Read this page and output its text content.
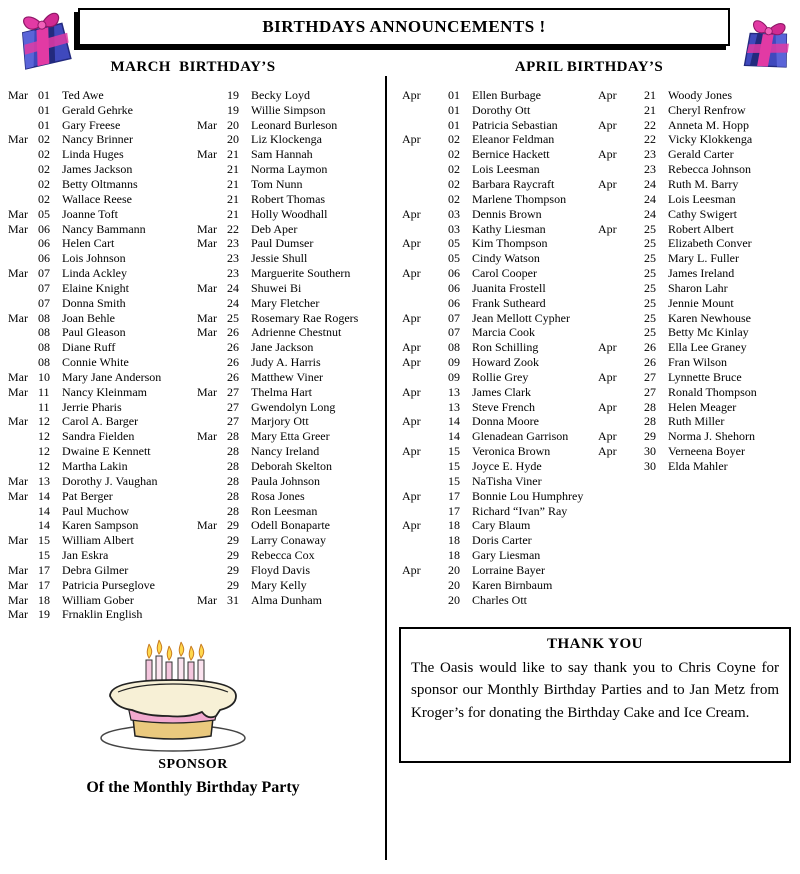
BIRTHDAYS ANNOUNCEMENTS !
MARCH  BIRTHDAY’S	APRIL BIRTHDAY’S
Mar 01	Ted Awe
01	Gerald Gehrke
01	Gary Freese
Mar 02	Nancy Brinner
02	Linda Huges
02	James Jackson
02	Betty Oltmanns
02	Wallace Reese
Mar 05	Joanne Toft
Mar 06	Nancy Bammann
06	Helen Cart
06	Lois Johnson
Mar 07	Linda Ackley
07	Elaine Knight
07	Donna Smith
Mar 08	Joan Behle
08	Paul Gleason
08	Diane Ruff
08	Connie White
Mar 10	Mary Jane Anderson
Mar 11	Nancy Kleinmam
11	Jerrie Pharis
Mar 12	Carol A. Barger
12	Sandra Fielden
12	Dwaine E Kennett
12	Martha Lakin
Mar 13	Dorothy J. Vaughan
Mar 14	Pat Berger
14	Paul Muchow
14	Karen Sampson
Mar 15	William Albert
15	Jan Eskra
Mar 17	Debra Gilmer
Mar 17	Patricia Purseglove
Mar 18	William Gober
Mar 19	Frnaklin English
19	Becky Loyd
19	Willie Simpson
Mar 20	Leonard Burleson
20	Liz Klockenga
Mar 21	Sam Hannah
21	Norma Laymon
21	Tom Nunn
21	Robert Thomas
21	Holly Woodhall
Mar 22	Deb Aper
Mar 23	Paul Dumser
23	Jessie Shull
23	Marguerite Southern
Mar 24	Shuwei Bi
24	Mary Fletcher
Mar 25	Rosemary Rae Rogers
Mar 26	Adrienne Chestnut
26	Jane Jackson
26	Judy A. Harris
26	Matthew Viner
Mar 27	Thelma Hart
27	Gwendolyn Long
27	Marjory Ott
Mar 28	Mary Etta Greer
28	Nancy Ireland
28	Deborah Skelton
28	Paula Johnson
28	Rosa Jones
28	Ron Leesman
Mar 29	Odell Bonaparte
29	Larry Conaway
29	Rebecca Cox
29	Floyd Davis
29	Mary Kelly
Mar 31	Alma Dunham
Apr	01	Ellen Burbage
01	Dorothy Ott
01	Patricia Sebastian
Apr	02	Eleanor Feldman
02	Bernice Hackett
02	Lois Leesman
02	Barbara Raycraft
02	Marlene Thompson
Apr	03	Dennis Brown
03	Kathy Liesman
Apr	05	Kim Thompson
05	Cindy Watson
Apr	06	Carol Cooper
06	Juanita Frostell
06	Frank Sutheard
Apr	07	Jean Mellott Cypher
07	Marcia Cook
Apr	08	Ron Schilling
Apr	09	Howard Zook
09	Rollie Grey
Apr	13	James Clark
13	Steve French
Apr	14	Donna Moore
14	Glenadean Garrison
Apr	15	Veronica Brown
15	Joyce E. Hyde
15	NaTisha Viner
Apr	17	Bonnie Lou Humphrey
17	Richard “Ivan” Ray
Apr	18	Cary Blaum
18	Doris Carter
18	Gary Liesman
Apr	20	Lorraine Bayer
20	Karen Birnbaum
20	Charles Ott
Apr	21	Woody Jones
21	Cheryl Renfrow
Apr	22	Anneta M. Hopp
22	Vicky Klokkenga
Apr	23	Gerald Carter
23	Rebecca Johnson
Apr	24	Ruth M. Barry
24	Lois Leesman
24	Cathy Swigert
Apr	25	Robert Albert
25	Elizabeth Conver
25	Mary L. Fuller
25	James Ireland
25	Sharon Lahr
25	Jennie Mount
25	Karen Newhouse
25	Betty Mc Kinlay
Apr	26	Ella Lee Graney
26	Fran Wilson
Apr	27	Lynnette Bruce
27	Ronald Thompson
Apr	28	Helen Meager
28	Ruth Miller
Apr	29	Norma J. Shehorn
Apr	30	Verneena Boyer
30	Elda Mahler
SPONSOR
Of the Monthly Birthday Party
THANK YOU

The Oasis would like to say thank you to Chris Coyne for sponsor our Monthly Birthday Parties and to Jan Metz from Kroger’s for donating the Birthday Cake and Ice Cream.
